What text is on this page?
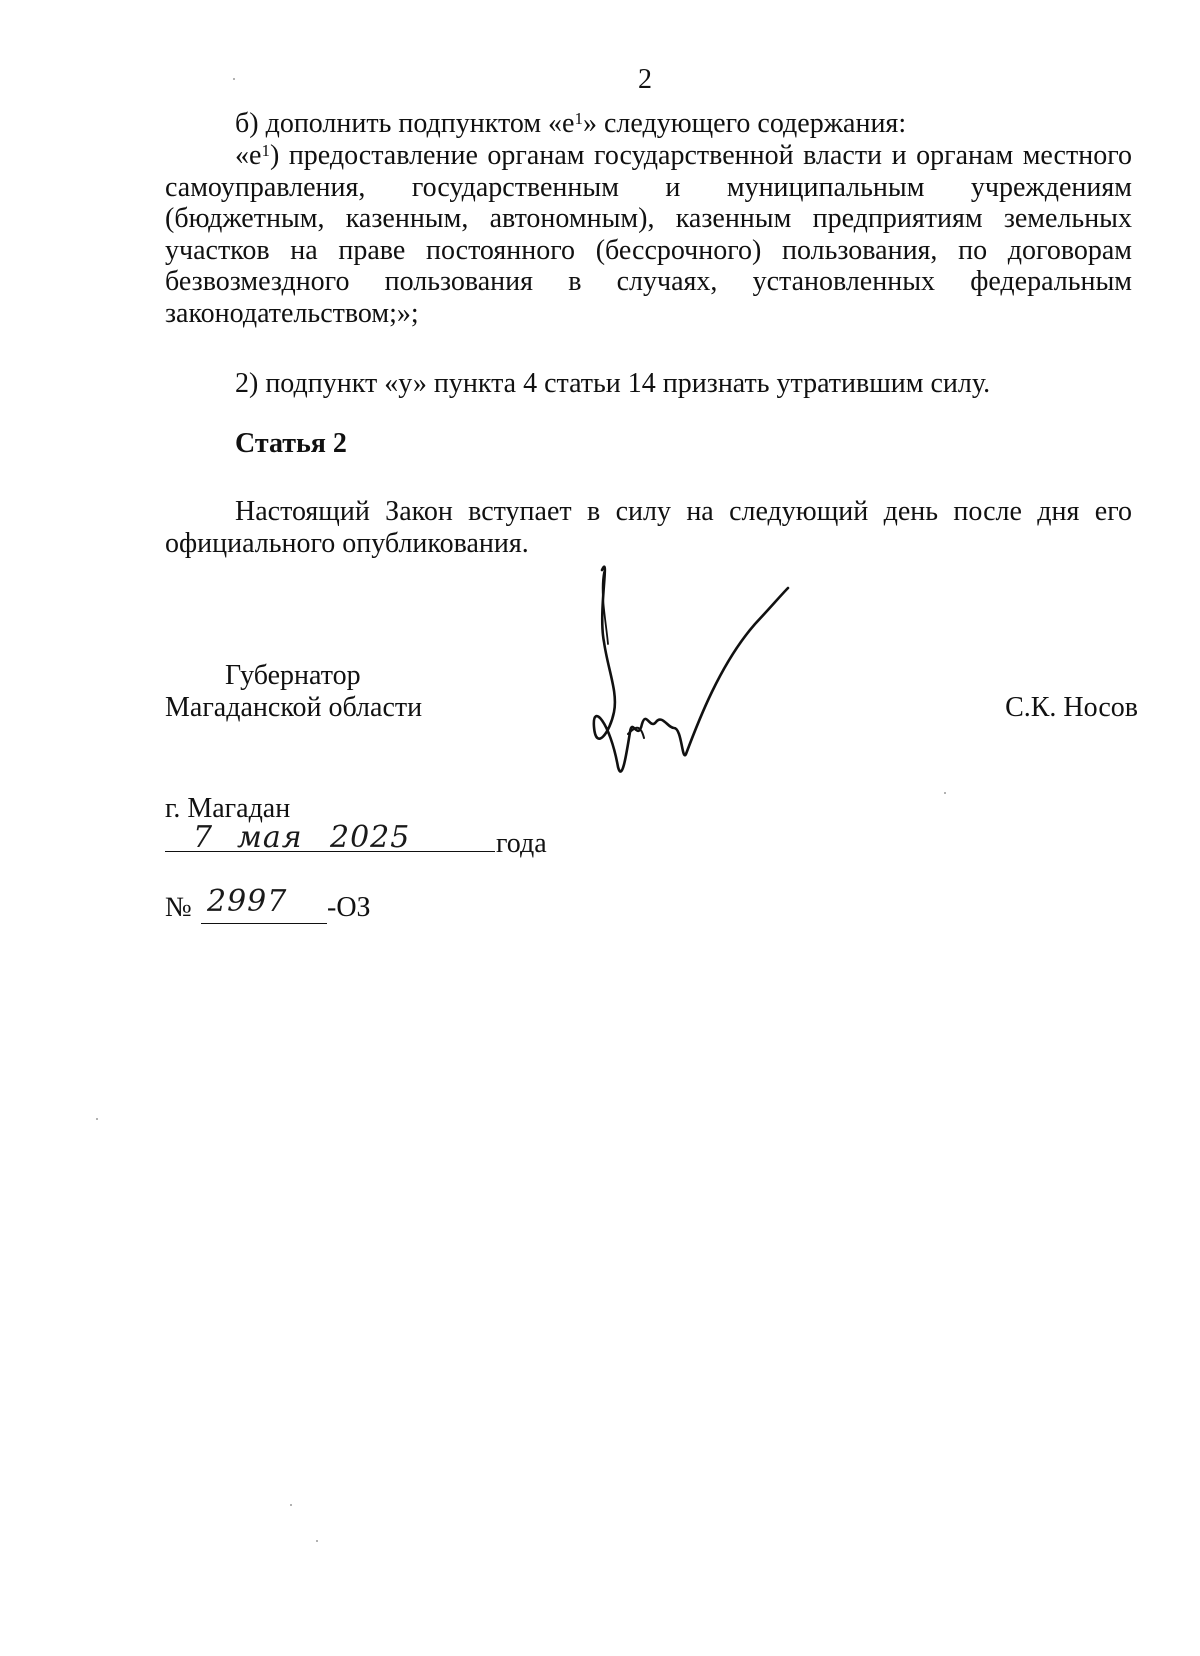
2

б) дополнить подпунктом «$е^1$» следующего содержания:

«$е^1$) предоставление органам государственной власти и органам местного самоуправления, государственным и муниципальным учреждениям (бюджетным, казенным, автономным), казенным предприятиям земельных участков на праве постоянного (бессрочного) пользования, по договорам безвозмездного пользования в случаях, установленных федеральным законодательством;»;

2) подпункт «у» пункта 4 статьи 14 признать утратившим силу.

Статья 2

Настоящий Закон вступает в силу на следующий день после дня его официального опубликования.

Губернатор
Магаданской области	С.К. Носов
г. Магадан
7 мая 2025	года
№ 2997 -ОЗ
